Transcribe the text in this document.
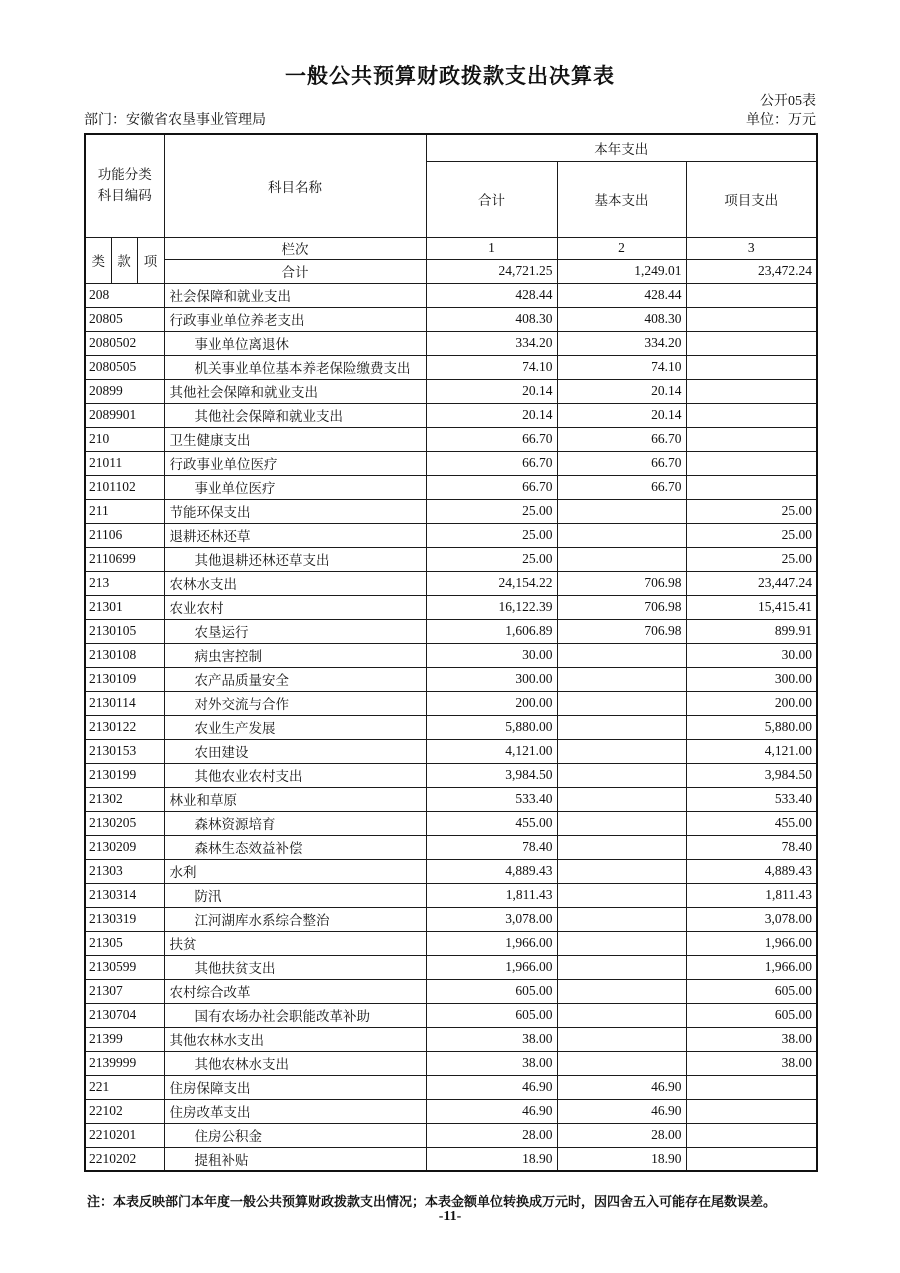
一般公共预算财政拨款支出决算表
公开05表
部门：安徽省农垦事业管理局	单位：万元
功能分类
科目编码			科目名称	本年支出		
				合计	基本支出	项目支出
类	款	项	栏次	1	2	3
			合计	24,721.25	1,249.01	23,472.24
208			社会保障和就业支出	428.44	428.44	
20805			行政事业单位养老支出	408.30	408.30	
2080502			事业单位离退休	334.20	334.20	
2080505			机关事业单位基本养老保险缴费支出	74.10	74.10	
20899			其他社会保障和就业支出	20.14	20.14	
2089901			其他社会保障和就业支出	20.14	20.14	
210			卫生健康支出	66.70	66.70	
21011			行政事业单位医疗	66.70	66.70	
2101102			事业单位医疗	66.70	66.70	
211			节能环保支出	25.00		25.00
21106			退耕还林还草	25.00		25.00
2110699			其他退耕还林还草支出	25.00		25.00
213			农林水支出	24,154.22	706.98	23,447.24
21301			农业农村	16,122.39	706.98	15,415.41
2130105			农垦运行	1,606.89	706.98	899.91
2130108			病虫害控制	30.00		30.00
2130109			农产品质量安全	300.00		300.00
2130114			对外交流与合作	200.00		200.00
2130122			农业生产发展	5,880.00		5,880.00
2130153			农田建设	4,121.00		4,121.00
2130199			其他农业农村支出	3,984.50		3,984.50
21302			林业和草原	533.40		533.40
2130205			森林资源培育	455.00		455.00
2130209			森林生态效益补偿	78.40		78.40
21303			水利	4,889.43		4,889.43
2130314			防汛	1,811.43		1,811.43
2130319			江河湖库水系综合整治	3,078.00		3,078.00
21305			扶贫	1,966.00		1,966.00
2130599			其他扶贫支出	1,966.00		1,966.00
21307			农村综合改革	605.00		605.00
2130704			国有农场办社会职能改革补助	605.00		605.00
21399			其他农林水支出	38.00		38.00
2139999			其他农林水支出	38.00		38.00
221			住房保障支出	46.90	46.90	
22102			住房改革支出	46.90	46.90	
2210201			住房公积金	28.00	28.00	
2210202			提租补贴	18.90	18.90	
注：本表反映部门本年度一般公共预算财政拨款支出情况；本表金额单位转换成万元时，因四舍五入可能存在尾数误差。
-11-
